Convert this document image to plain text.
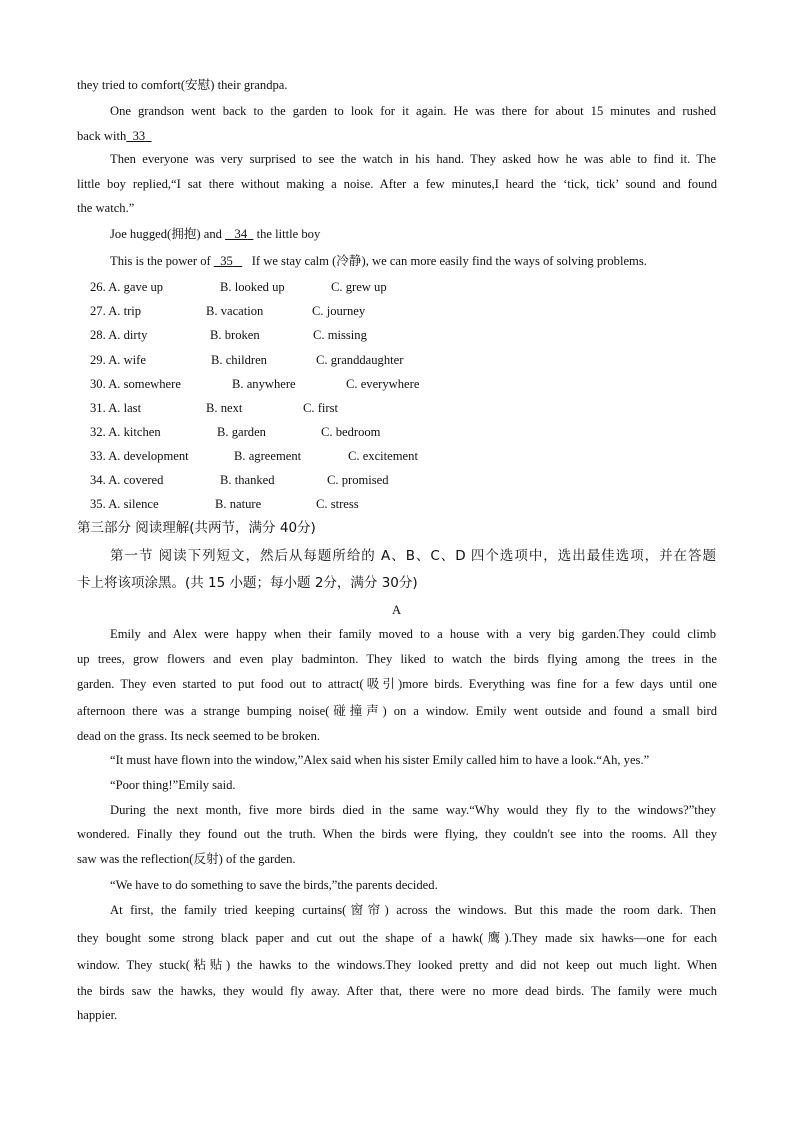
they tried to comfort(安慰) their grandpa.
One grandson went back to the garden to look for it again. He was there for about 15 minutes and rushed
back with 33
Then everyone was very surprised to see the watch in his hand. They asked how he was able to find it. The
little boy replied,“I sat there without making a noise. After a few minutes,I heard the ‘tick, tick’ sound and found
the watch.”
Joe hugged(拥抱) and 34 the little boy
This is the power of 35 If we stay calm (冷静), we can more easily find the ways of solving problems.
26. A. gave up	B. looked up	C. grew up
27. A. trip	B. vacation	C. journey
28. A. dirty	B. broken	C. missing
29. A. wife	B. children	C. granddaughter
30. A. somewhere	B. anywhere	C. everywhere
31. A. last	B. next	C. first
32. A. kitchen	B. garden	C. bedroom
33. A. development	B. agreement	C. excitement
34. A. covered	B. thanked	C. promised
35. A. silence	B. nature	C. stress
第三部分 阅读理解(共两节，满分 40分)
第一节 阅读下列短文，然后从每题所给的 A、B、C、D 四个选项中，选出最佳选项，并在答题
卡上将该项涂黑。(共 15 小题；每小题 2分，满分 30分)
A
Emily and Alex were happy when their family moved to a house with a very big garden.They could climb
up trees, grow flowers and even play badminton. They liked to watch the birds flying among the trees in the
garden. They even started to put food out to attract(吸引)more birds. Everything was fine for a few days until one
afternoon there was a strange bumping noise(碰撞声) on a window. Emily went outside and found a small bird
dead on the grass. Its neck seemed to be broken.
“It must have flown into the window,”Alex said when his sister Emily called him to have a look.“Ah, yes.”
“Poor thing!”Emily said.
During the next month, five more birds died in the same way.“Why would they fly to the windows?”they
wondered. Finally they found out the truth. When the birds were flying, they couldn't see into the rooms. All they
saw was the reflection(反射) of the garden.
“We have to do something to save the birds,”the parents decided.
At first, the family tried keeping curtains(窗帘) across the windows. But this made the room dark. Then
they bought some strong black paper and cut out the shape of a hawk(鹰).They made six hawks—one for each
window. They stuck(粘贴) the hawks to the windows.They looked pretty and did not keep out much light. When
the birds saw the hawks, they would fly away. After that, there were no more dead birds. The family were much
happier.
